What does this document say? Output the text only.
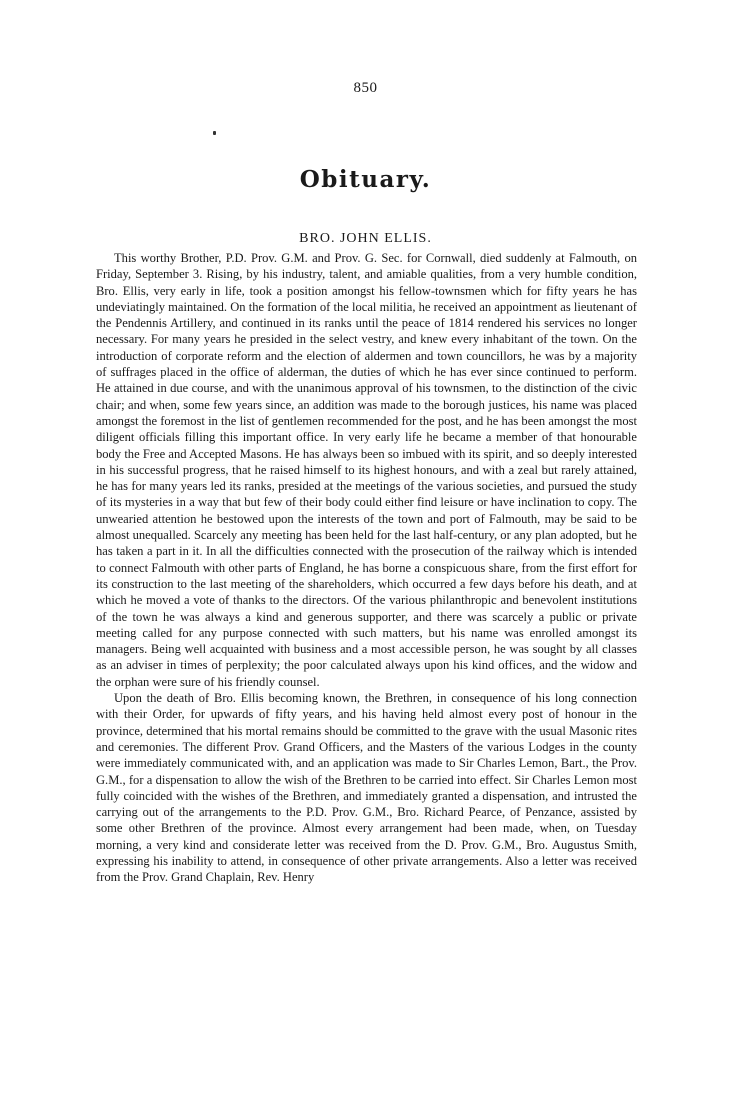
850
Obituary.
BRO. JOHN ELLIS.

This worthy Brother, P.D. Prov. G.M. and Prov. G. Sec. for Cornwall, died suddenly at Falmouth, on Friday, September 3. Rising, by his industry, talent, and amiable qualities, from a very humble condition, Bro. Ellis, very early in life, took a position amongst his fellow-townsmen which for fifty years he has undeviatingly maintained. On the formation of the local militia, he received an appointment as lieutenant of the Pendennis Artillery, and continued in its ranks until the peace of 1814 rendered his services no longer necessary. For many years he presided in the select vestry, and knew every inhabitant of the town. On the introduction of corporate reform and the election of aldermen and town councillors, he was by a majority of suffrages placed in the office of alderman, the duties of which he has ever since continued to perform. He attained in due course, and with the unanimous approval of his townsmen, to the distinction of the civic chair; and when, some few years since, an addition was made to the borough justices, his name was placed amongst the foremost in the list of gentlemen recommended for the post, and he has been amongst the most diligent officials filling this important office. In very early life he became a member of that honourable body the Free and Accepted Masons. He has always been so imbued with its spirit, and so deeply interested in his successful progress, that he raised himself to its highest honours, and with a zeal but rarely attained, he has for many years led its ranks, presided at the meetings of the various societies, and pursued the study of its mysteries in a way that but few of their body could either find leisure or have inclination to copy. The unwearied attention he bestowed upon the interests of the town and port of Falmouth, may be said to be almost unequalled. Scarcely any meeting has been held for the last half-century, or any plan adopted, but he has taken a part in it. In all the difficulties connected with the prosecution of the railway which is intended to connect Falmouth with other parts of England, he has borne a conspicuous share, from the first effort for its construction to the last meeting of the shareholders, which occurred a few days before his death, and at which he moved a vote of thanks to the directors. Of the various philanthropic and benevolent institutions of the town he was always a kind and generous supporter, and there was scarcely a public or private meeting called for any purpose connected with such matters, but his name was enrolled amongst its managers. Being well acquainted with business and a most accessible person, he was sought by all classes as an adviser in times of perplexity; the poor calculated always upon his kind offices, and the widow and the orphan were sure of his friendly counsel.

Upon the death of Bro. Ellis becoming known, the Brethren, in consequence of his long connection with their Order, for upwards of fifty years, and his having held almost every post of honour in the province, determined that his mortal remains should be committed to the grave with the usual Masonic rites and ceremonies. The different Prov. Grand Officers, and the Masters of the various Lodges in the county were immediately communicated with, and an application was made to Sir Charles Lemon, Bart., the Prov. G.M., for a dispensation to allow the wish of the Brethren to be carried into effect. Sir Charles Lemon most fully coincided with the wishes of the Brethren, and immediately granted a dispensation, and intrusted the carrying out of the arrangements to the P.D. Prov. G.M., Bro. Richard Pearce, of Penzance, assisted by some other Brethren of the province. Almost every arrangement had been made, when, on Tuesday morning, a very kind and considerate letter was received from the D. Prov. G.M., Bro. Augustus Smith, expressing his inability to attend, in consequence of other private arrangements. Also a letter was received from the Prov. Grand Chaplain, Rev. Henry
